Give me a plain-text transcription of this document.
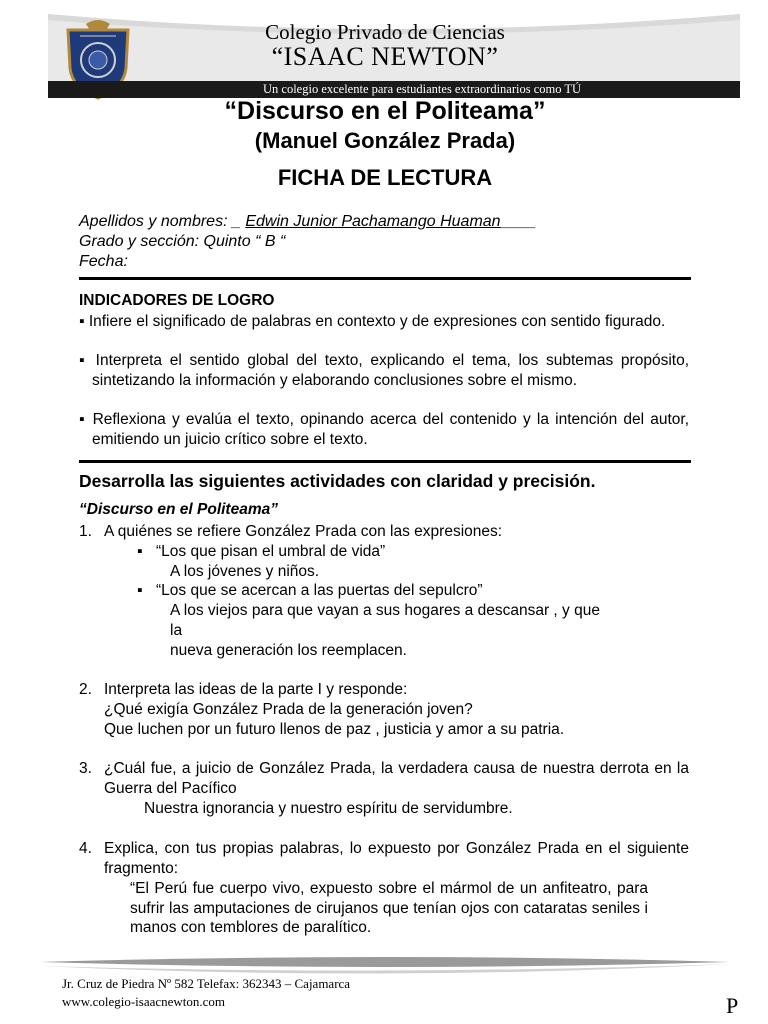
Colegio Privado de Ciencias
“ISAAC NEWTON”
Un colegio excelente para estudiantes extraordinarios como TÚ
“Discurso en el Politeama”
(Manuel González Prada)
FICHA DE LECTURA
Apellidos y nombres: _ Edwin Junior Pachamango Huaman____
Grado y sección: Quinto “ B “
Fecha:
INDICADORES DE LOGRO
▪ Infiere el significado de palabras en contexto y de expresiones con sentido figurado.
▪ Interpreta el sentido global del texto, explicando el tema, los subtemas propósito, sintetizando la información y elaborando conclusiones sobre el mismo.
▪ Reflexiona y evalúa el texto, opinando acerca del contenido y la intención del autor, emitiendo un juicio crítico sobre el texto.
Desarrolla las siguientes actividades con claridad y precisión.
“Discurso en el Politeama”
1. A quiénes se refiere González Prada con las expresiones:
▪ “Los que pisan el umbral de vida”
A los jóvenes y niños.
▪ “Los que se acercan a las puertas del sepulcro”
A los viejos para que vayan a sus hogares a descansar , y que
la
nueva generación los reemplacen.
2. Interpreta las ideas de la parte I y responde:
¿Qué exigía González Prada de la generación joven?
Que luchen por un futuro llenos de paz , justicia y amor a su patria.
3. ¿Cuál fue, a juicio de González Prada, la verdadera causa de nuestra derrota en la Guerra del Pacífico
Nuestra ignorancia y nuestro espíritu de servidumbre.
4. Explica, con tus propias palabras, lo expuesto por González Prada en el siguiente fragmento:
“El Perú fue cuerpo vivo, expuesto sobre el mármol de un anfiteatro, para sufrir las amputaciones de cirujanos que tenían ojos con cataratas seniles i manos con temblores de paralítico.
Jr. Cruz de Piedra Nº 582 Telefax: 362343 – Cajamarca
www.colegio-isaacnewton.com	P
